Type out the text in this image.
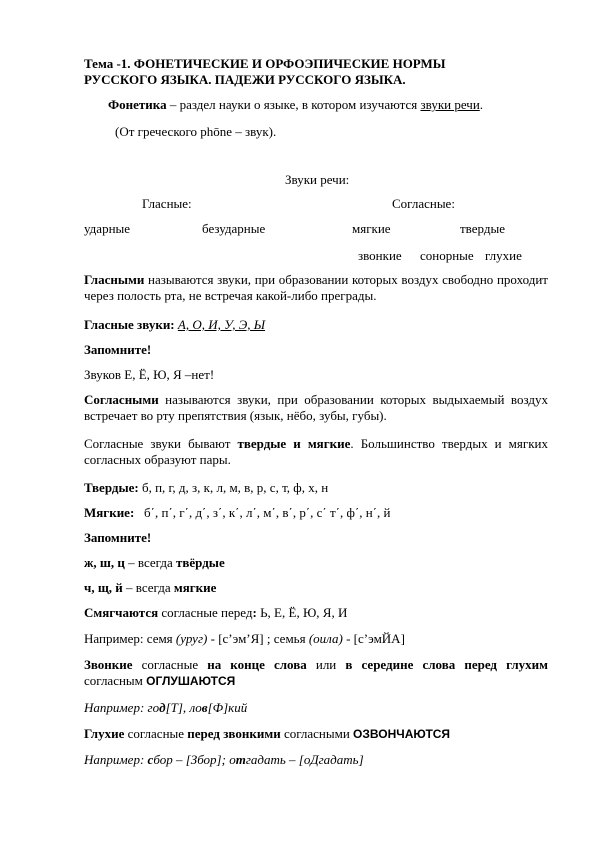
Тема -1. ФОНЕТИЧЕСКИЕ И ОРФОЭПИЧЕСКИЕ НОРМЫ
РУССКОГО ЯЗЫКА. ПАДЕЖИ РУССКОГО ЯЗЫКА.
Фонетика – раздел науки о языке, в котором изучаются звуки речи.
(От греческого phōne – звук).
Звуки речи:
Гласные:	Согласные:
ударные	безударные	мягкие	твердые
звонкие сонорные глухие
Гласными называются звуки, при образовании которых воздух свободно проходит через полость рта, не встречая какой-либо преграды.
Гласные звуки: А, О, И, У, Э, Ы
Запомните!
Звуков Е, Ё, Ю, Я –нет!
Согласными называются звуки, при образовании которых выдыхаемый воздух встречает во рту препятствия (язык, нёбо, зубы, губы).
Согласные звуки бывают твердые и мягкие. Большинство твердых и мягких согласных образуют пары.
Твердые: б, п, г, д, з, к, л, м, в, р, с, т, ф, х, н
Мягкие:   б΄, п΄, г΄, д΄, з΄, к΄, л΄, м΄, в΄, р΄, с΄ т΄, ф΄, н΄, й
Запомните!
ж, ш, ц – всегда твёрдые
ч, щ, й – всегда мягкие
Смягчаются согласные перед: Ь, Е, Ё, Ю, Я, И
Например: семя (уруг) - [с’эм’Я] ; семья (оила) - [с’эмЙА]
Звонкие согласные на конце слова или в середине слова перед глухим
согласным ОГЛУШАЮТСЯ
Например: год[Т], лов[Ф]кий
Глухие согласные перед звонкими согласными ОЗВОНЧАЮТСЯ
Например: сбор – [Збор]; отгадать – [оДгадать]
